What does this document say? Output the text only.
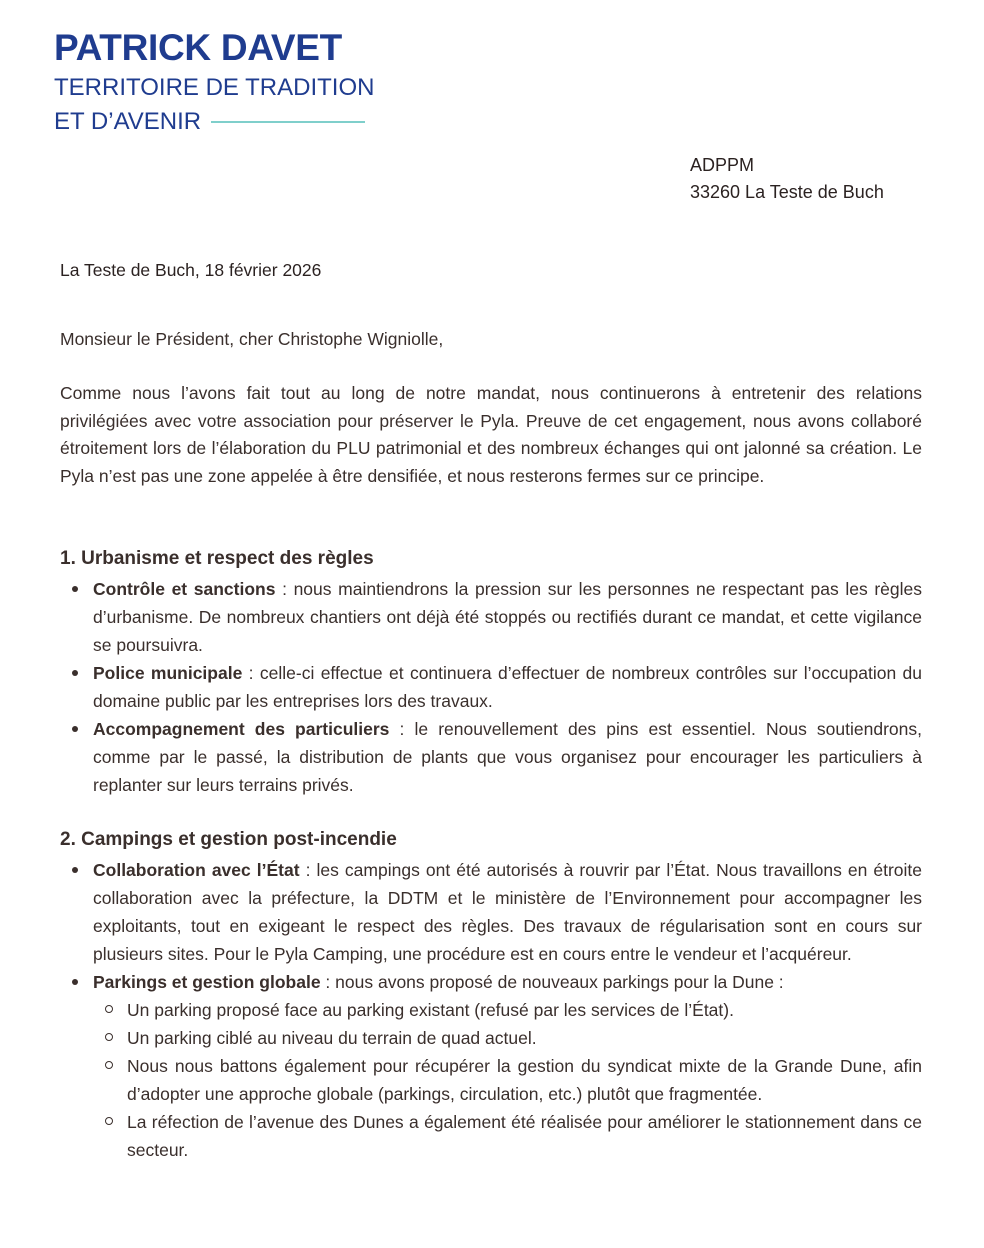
PATRICK DAVET
TERRITOIRE DE TRADITION
ET D’AVENIR
ADPPM
33260 La Teste de Buch
La Teste de Buch, 18 février 2026
Monsieur le Président, cher Christophe Wigniolle,

Comme nous l’avons fait tout au long de notre mandat, nous continuerons à entretenir des relations privilégiées avec votre association pour préserver le Pyla. Preuve de cet engagement, nous avons collaboré étroitement lors de l’élaboration du PLU patrimonial et des nombreux échanges qui ont jalonné sa création. Le Pyla n’est pas une zone appelée à être densifiée, et nous resterons fermes sur ce principe.

1. Urbanisme et respect des règles
Contrôle et sanctions : nous maintiendrons la pression sur les personnes ne respectant pas les règles d’urbanisme. De nombreux chantiers ont déjà été stoppés ou rectifiés durant ce mandat, et cette vigilance se poursuivra.
Police municipale : celle-ci effectue et continuera d’effectuer de nombreux contrôles sur l’occupation du domaine public par les entreprises lors des travaux.
Accompagnement des particuliers : le renouvellement des pins est essentiel. Nous soutiendrons, comme par le passé, la distribution de plants que vous organisez pour encourager les particuliers à replanter sur leurs terrains privés.
2. Campings et gestion post-incendie
Collaboration avec l’État : les campings ont été autorisés à rouvrir par l’État. Nous travaillons en étroite collaboration avec la préfecture, la DDTM et le ministère de l’Environnement pour accompagner les exploitants, tout en exigeant le respect des règles. Des travaux de régularisation sont en cours sur plusieurs sites. Pour le Pyla Camping, une procédure est en cours entre le vendeur et l’acquéreur.
Parkings et gestion globale : nous avons proposé de nouveaux parkings pour la Dune :
Un parking proposé face au parking existant (refusé par les services de l’État).
Un parking ciblé au niveau du terrain de quad actuel.
Nous nous battons également pour récupérer la gestion du syndicat mixte de la Grande Dune, afin d’adopter une approche globale (parkings, circulation, etc.) plutôt que fragmentée.
La réfection de l’avenue des Dunes a également été réalisée pour améliorer le stationnement dans ce secteur.
